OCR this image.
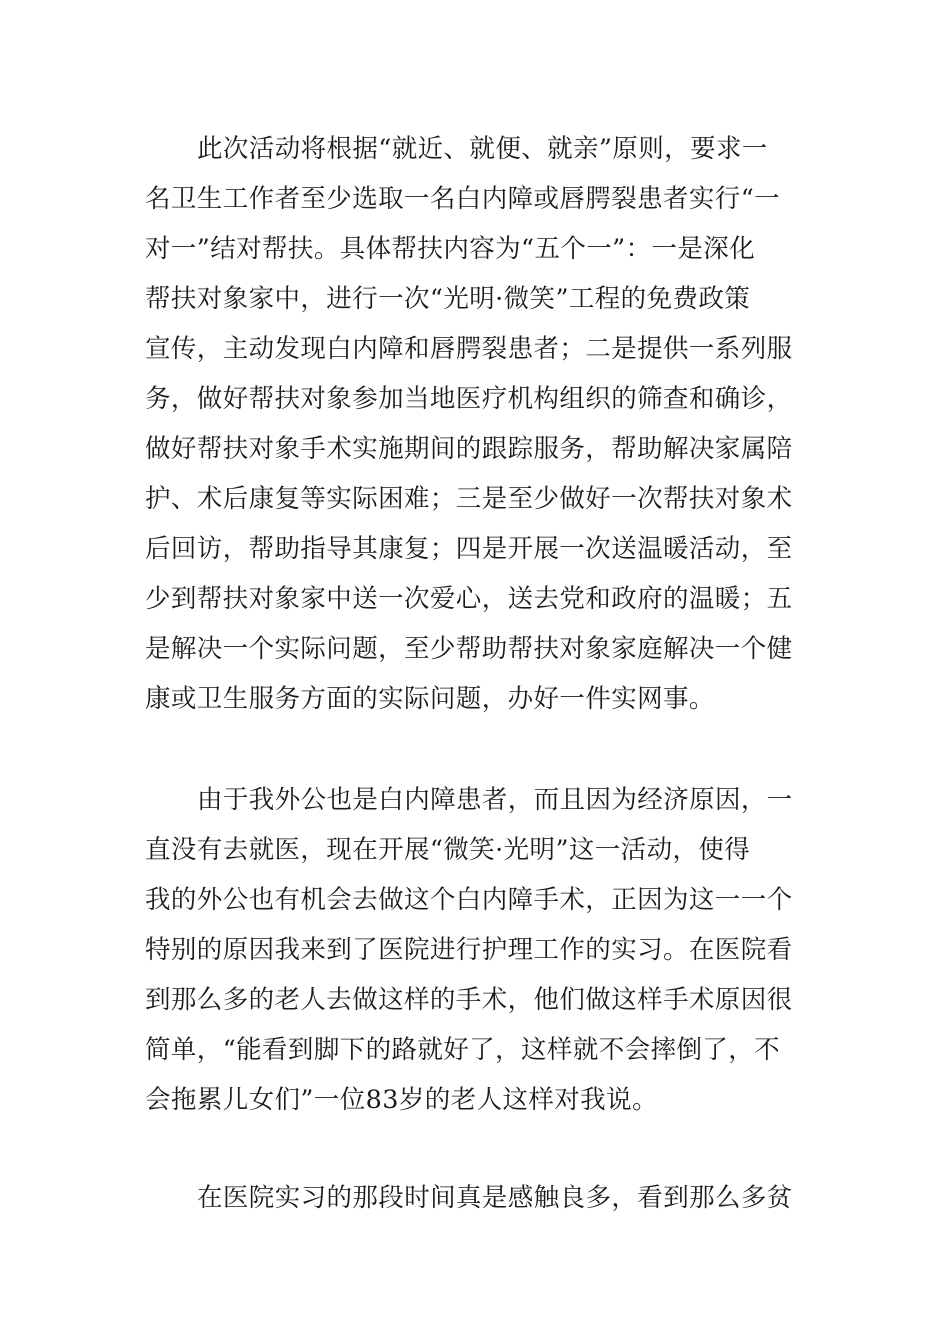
此次活动将根据“就近、就便、就亲”原则，要求一
名卫生工作者至少选取一名白内障或唇腭裂患者实行“一
对一”结对帮扶。具体帮扶内容为“五个一”：一是深化
帮扶对象家中，进行一次“光明·微笑”工程的免费政策
宣传，主动发现白内障和唇腭裂患者；二是提供一系列服
务，做好帮扶对象参加当地医疗机构组织的筛查和确诊，
做好帮扶对象手术实施期间的跟踪服务，帮助解决家属陪
护、术后康复等实际困难；三是至少做好一次帮扶对象术
后回访，帮助指导其康复；四是开展一次送温暖活动，至
少到帮扶对象家中送一次爱心，送去党和政府的温暖；五
是解决一个实际问题，至少帮助帮扶对象家庭解决一个健
康或卫生服务方面的实际问题，办好一件实网事。

由于我外公也是白内障患者，而且因为经济原因，一
直没有去就医，现在开展“微笑·光明”这一活动，使得
我的外公也有机会去做这个白内障手术，正因为这一一个
特别的原因我来到了医院进行护理工作的实习。在医院看
到那么多的老人去做这样的手术，他们做这样手术原因很
简单，“能看到脚下的路就好了，这样就不会摔倒了，不
会拖累儿女们”一位83岁的老人这样对我说。

在医院实习的那段时间真是感触良多，看到那么多贫
